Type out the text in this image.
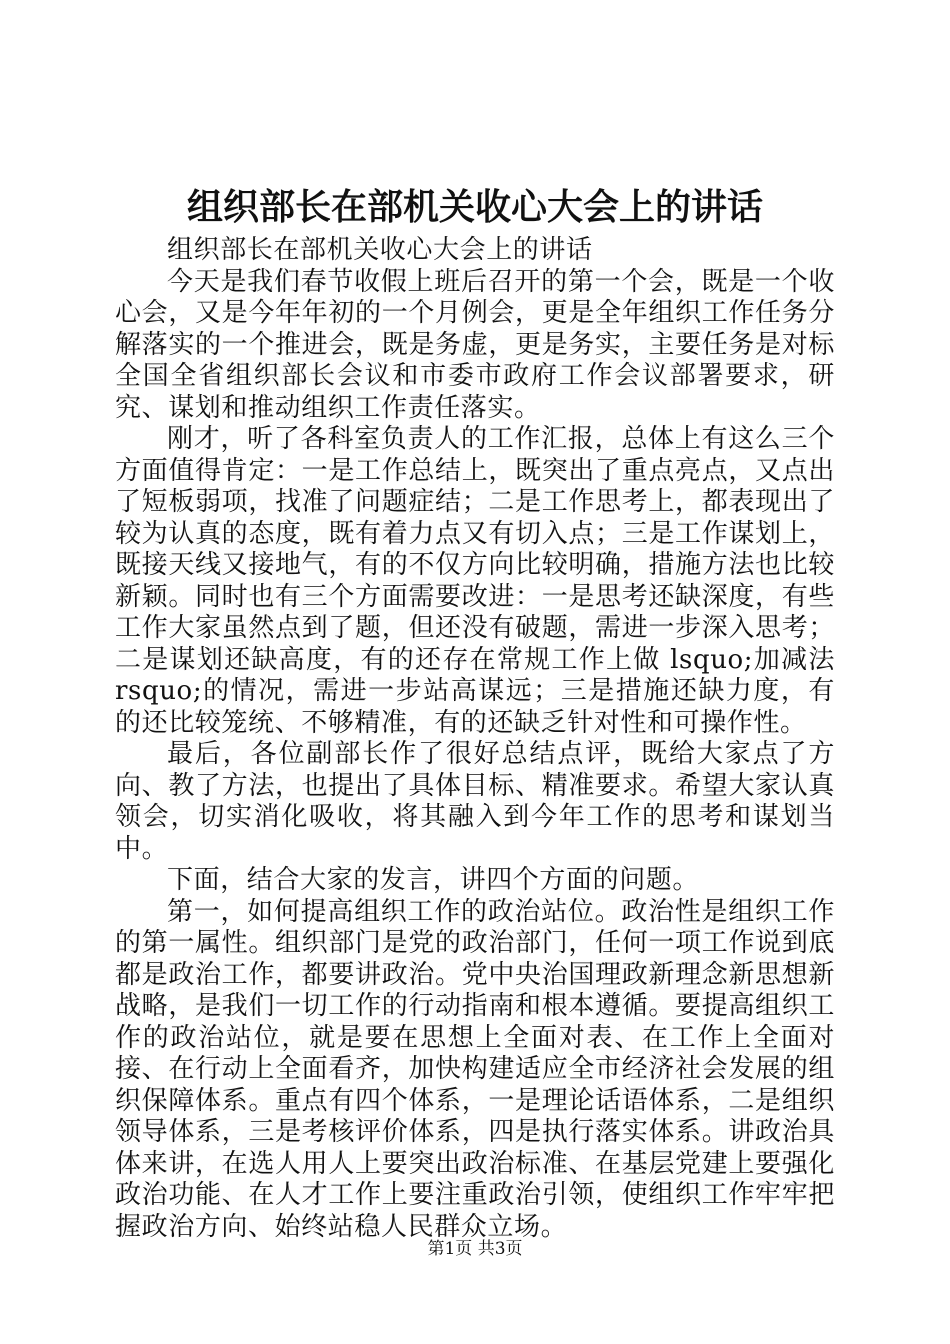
组织部长在部机关收心大会上的讲话

组织部长在部机关收心大会上的讲话

今天是我们春节收假上班后召开的第一个会，既是一个收心会，又是今年年初的一个月例会，更是全年组织工作任务分解落实的一个推进会，既是务虚，更是务实，主要任务是对标全国全省组织部长会议和市委市政府工作会议部署要求，研究、谋划和推动组织工作责任落实。

刚才，听了各科室负责人的工作汇报，总体上有这么三个方面值得肯定：一是工作总结上，既突出了重点亮点，又点出了短板弱项，找准了问题症结；二是工作思考上，都表现出了较为认真的态度，既有着力点又有切入点；三是工作谋划上，既接天线又接地气，有的不仅方向比较明确，措施方法也比较新颖。同时也有三个方面需要改进：一是思考还缺深度，有些工作大家虽然点到了题，但还没有破题，需进一步深入思考；二是谋划还缺高度，有的还存在常规工作上做 lsquo;加减法 rsquo;的情况，需进一步站高谋远；三是措施还缺力度，有的还比较笼统、不够精准，有的还缺乏针对性和可操作性。

最后，各位副部长作了很好总结点评，既给大家点了方向、教了方法，也提出了具体目标、精准要求。希望大家认真领会，切实消化吸收，将其融入到今年工作的思考和谋划当中。

下面，结合大家的发言，讲四个方面的问题。

第一，如何提高组织工作的政治站位。政治性是组织工作的第一属性。组织部门是党的政治部门，任何一项工作说到底都是政治工作，都要讲政治。党中央治国理政新理念新思想新战略，是我们一切工作的行动指南和根本遵循。要提高组织工作的政治站位，就是要在思想上全面对表、在工作上全面对接、在行动上全面看齐，加快构建适应全市经济社会发展的组织保障体系。重点有四个体系，一是理论话语体系，二是组织领导体系，三是考核评价体系，四是执行落实体系。讲政治具体来讲，在选人用人上要突出政治标准、在基层党建上要强化政治功能、在人才工作上要注重政治引领，使组织工作牢牢把握政治方向、始终站稳人民群众立场。

第1页 共3页
